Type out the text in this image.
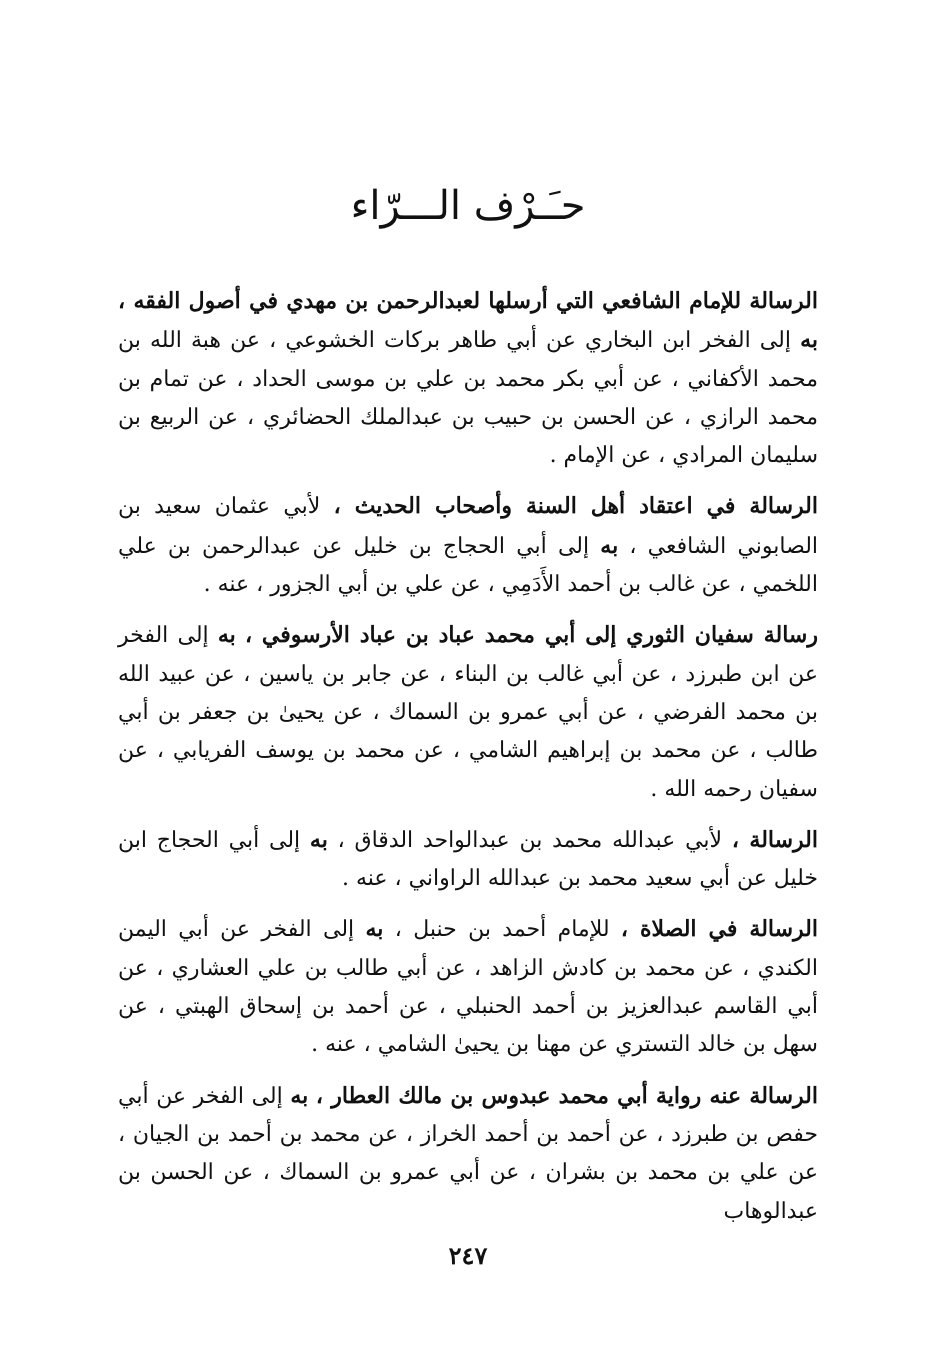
حـَـرْف الـــرّاء

الرسالة للإمام الشافعي التي أرسلها لعبدالرحمن بن مهدي في أصول الفقه ، به إلى الفخر ابن البخاري عن أبي طاهر بركات الخشوعي ، عن هبة الله بن محمد الأكفاني ، عن أبي بكر محمد بن علي بن موسى الحداد ، عن تمام بن محمد الرازي ، عن الحسن بن حبيب بن عبدالملك الحضائري ، عن الربيع بن سليمان المرادي ، عن الإمام .

الرسالة في اعتقاد أهل السنة وأصحاب الحديث ، لأبي عثمان سعيد بن الصابوني الشافعي ، به إلى أبي الحجاج بن خليل عن عبدالرحمن بن علي اللخمي ، عن غالب بن أحمد الأَدَمِي ، عن علي بن أبي الجزور ، عنه .

رسالة سفيان الثوري إلى أبي محمد عباد بن عباد الأرسوفي ، به إلى الفخر عن ابن طبرزد ، عن أبي غالب بن البناء ، عن جابر بن ياسين ، عن عبيد الله بن محمد الفرضي ، عن أبي عمرو بن السماك ، عن يحيىٰ بن جعفر بن أبي طالب ، عن محمد بن إبراهيم الشامي ، عن محمد بن يوسف الفريابي ، عن سفيان رحمه الله .

الرسالة ، لأبي عبدالله محمد بن عبدالواحد الدقاق ، به إلى أبي الحجاج ابن خليل عن أبي سعيد محمد بن عبدالله الراواني ، عنه .

الرسالة في الصلاة ، للإمام أحمد بن حنبل ، به إلى الفخر عن أبي اليمن الكندي ، عن محمد بن كادش الزاهد ، عن أبي طالب بن علي العشاري ، عن أبي القاسم عبدالعزيز بن أحمد الحنبلي ، عن أحمد بن إسحاق الهبتي ، عن سهل بن خالد التستري عن مهنا بن يحيىٰ الشامي ، عنه .

الرسالة عنه رواية أبي محمد عبدوس بن مالك العطار ، به إلى الفخر عن أبي حفص بن طبرزد ، عن أحمد بن أحمد الخراز ، عن محمد بن أحمد بن الجيان ، عن علي بن محمد بن بشران ، عن أبي عمرو بن السماك ، عن الحسن بن عبدالوهاب

٢٤٧
